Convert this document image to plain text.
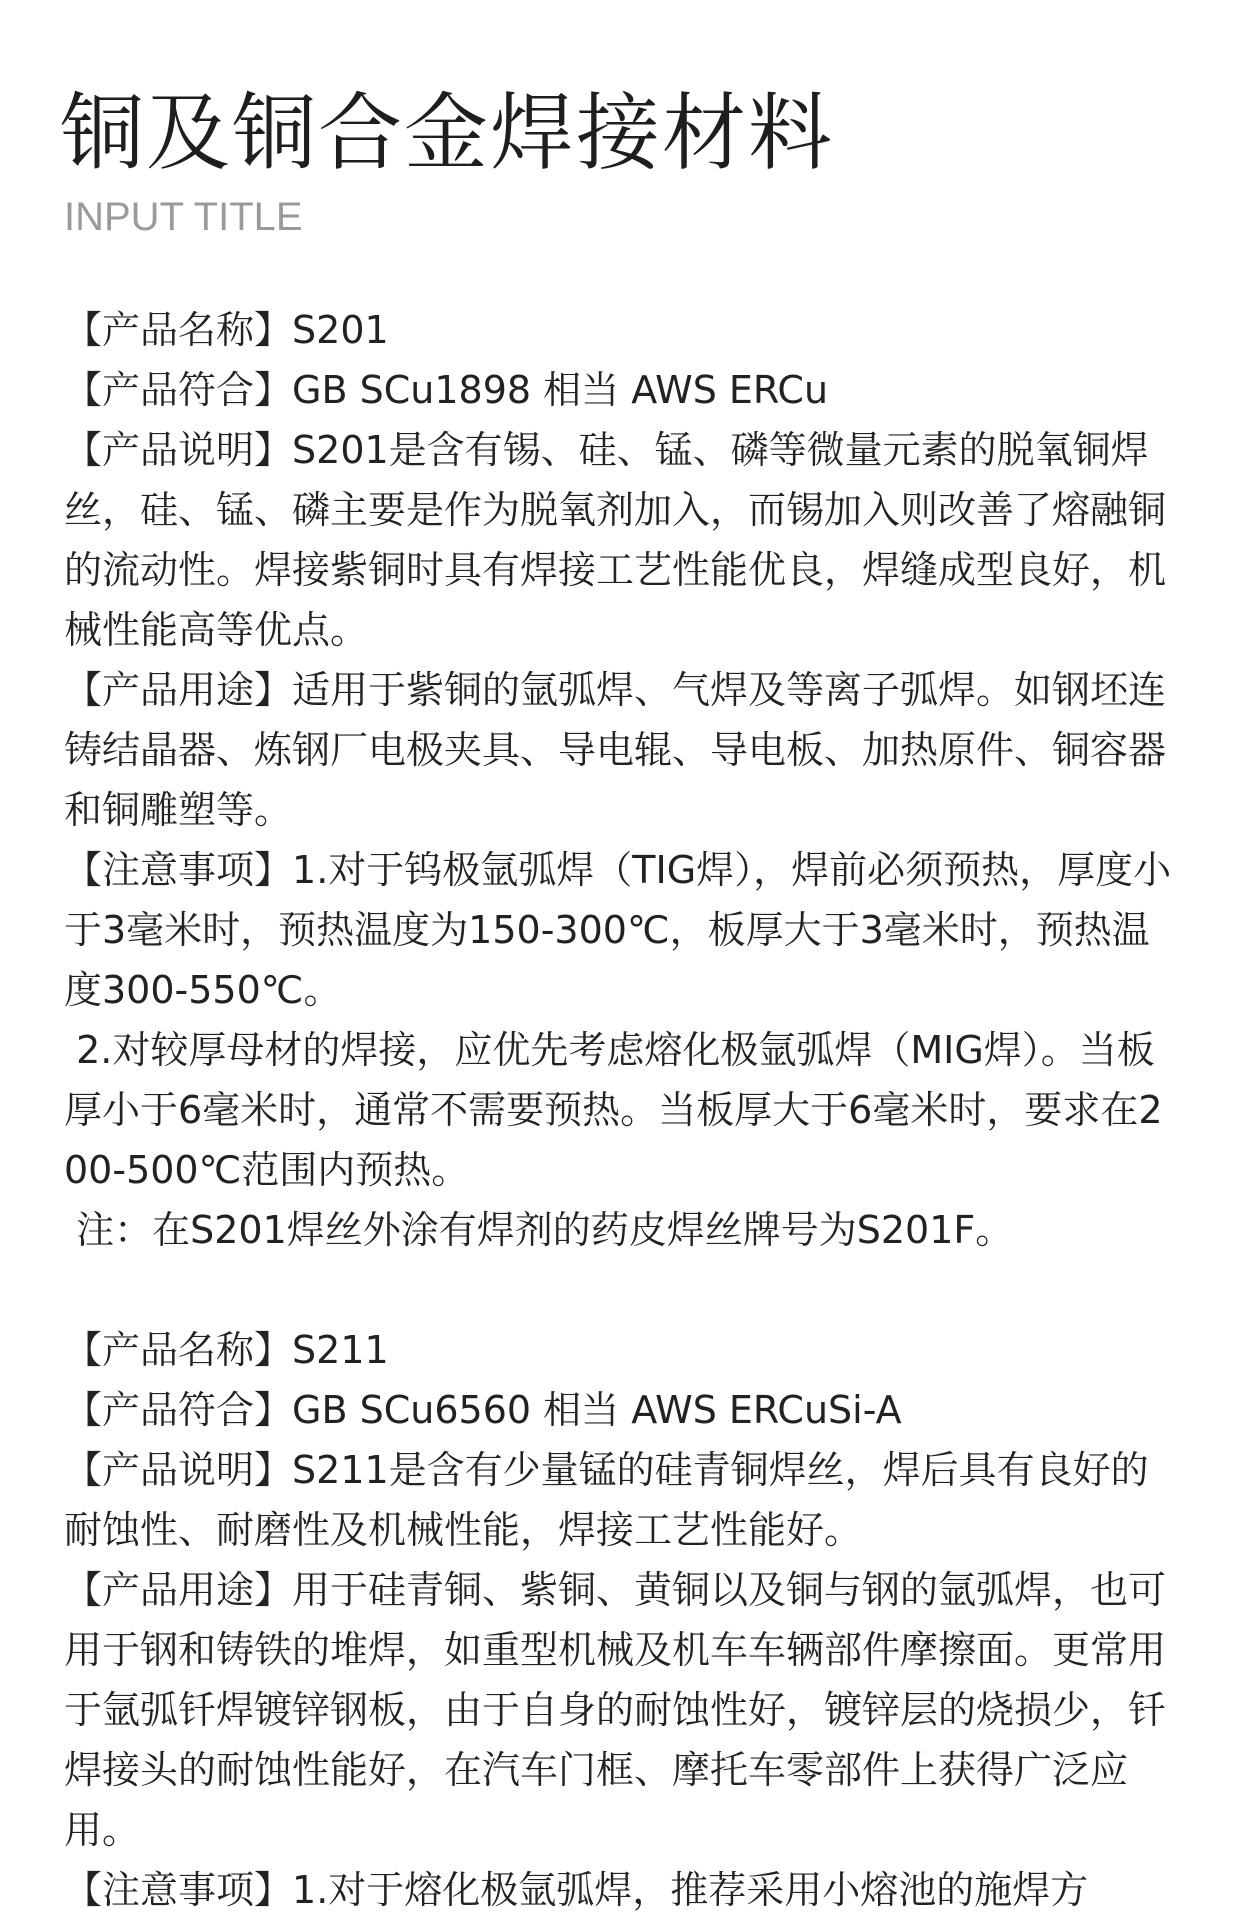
铜及铜合金焊接材料

INPUT TITLE

【产品名称】S201

【产品符合】GB SCu1898 相当 AWS ERCu

【产品说明】S201是含有锡、硅、锰、磷等微量元素的脱氧铜焊丝，硅、锰、磷主要是作为脱氧剂加入，而锡加入则改善了熔融铜的流动性。焊接紫铜时具有焊接工艺性能优良，焊缝成型良好，机械性能高等优点。

【产品用途】适用于紫铜的氩弧焊、气焊及等离子弧焊。如钢坯连铸结晶器、炼钢厂电极夹具、导电辊、导电板、加热原件、铜容器和铜雕塑等。

【注意事项】1.对于钨极氩弧焊（TIG焊），焊前必须预热，厚度小于3毫米时，预热温度为150-300℃，板厚大于3毫米时，预热温度300-550℃。

2.对较厚母材的焊接，应优先考虑熔化极氩弧焊（MIG焊）。当板厚小于6毫米时，通常不需要预热。当板厚大于6毫米时，要求在200-500℃范围内预热。

注：在S201焊丝外涂有焊剂的药皮焊丝牌号为S201F。

【产品名称】S211

【产品符合】GB SCu6560 相当 AWS ERCuSi-A

【产品说明】S211是含有少量锰的硅青铜焊丝，焊后具有良好的耐蚀性、耐磨性及机械性能，焊接工艺性能好。

【产品用途】用于硅青铜、紫铜、黄铜以及铜与钢的氩弧焊，也可用于钢和铸铁的堆焊，如重型机械及机车车辆部件摩擦面。更常用于氩弧钎焊镀锌钢板，由于自身的耐蚀性好，镀锌层的烧损少，钎焊接头的耐蚀性能好，在汽车门框、摩托车零部件上获得广泛应用。

【注意事项】1.对于熔化极氩弧焊，推荐采用小熔池的施焊方
